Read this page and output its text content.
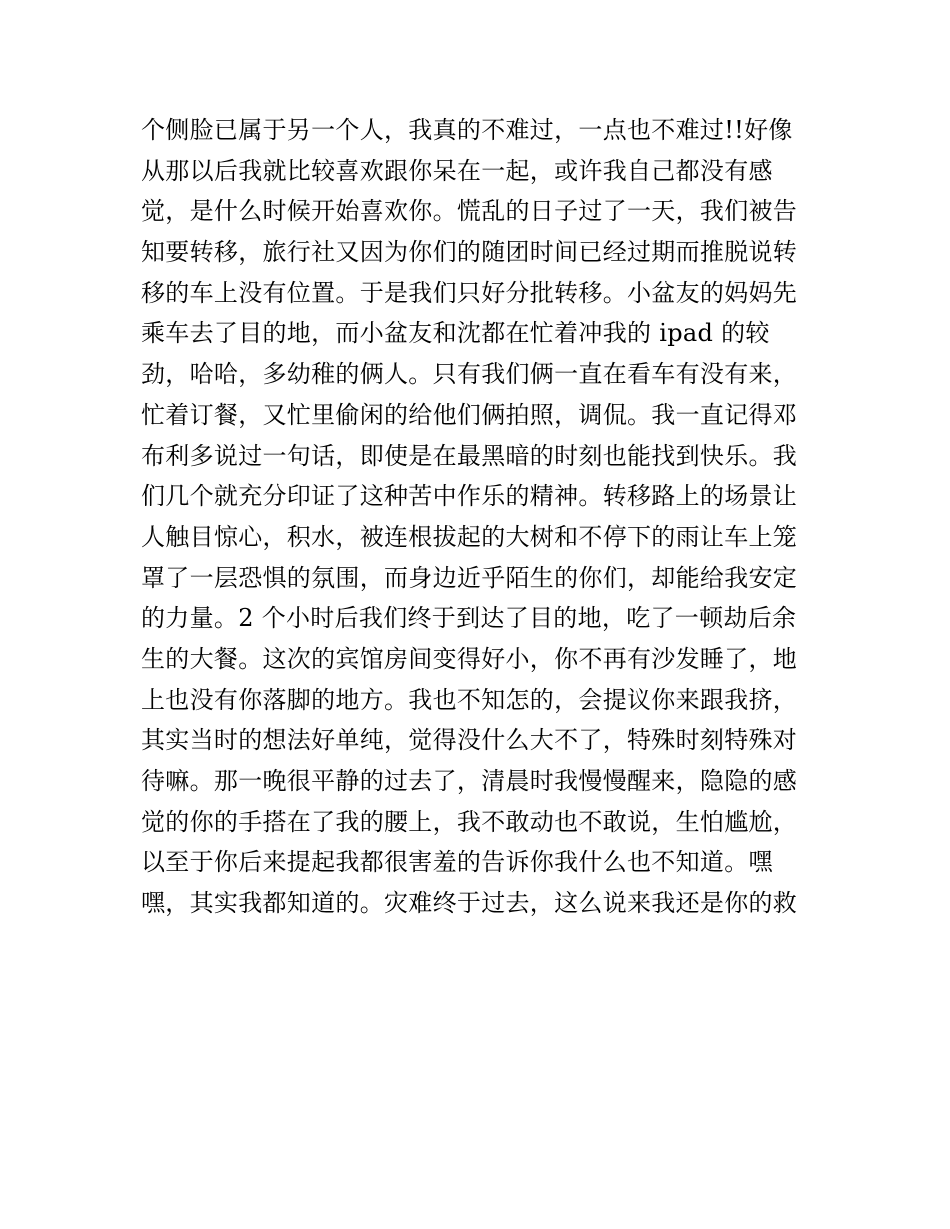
个侧脸已属于另一个人，我真的不难过，一点也不难过!!好像
从那以后我就比较喜欢跟你呆在一起，或许我自己都没有感
觉，是什么时候开始喜欢你。慌乱的日子过了一天，我们被告
知要转移，旅行社又因为你们的随团时间已经过期而推脱说转
移的车上没有位置。于是我们只好分批转移。小盆友的妈妈先
乘车去了目的地，而小盆友和沈都在忙着冲我的 ipad 的较
劲，哈哈，多幼稚的俩人。只有我们俩一直在看车有没有来，
忙着订餐，又忙里偷闲的给他们俩拍照，调侃。我一直记得邓
布利多说过一句话，即使是在最黑暗的时刻也能找到快乐。我
们几个就充分印证了这种苦中作乐的精神。转移路上的场景让
人触目惊心，积水，被连根拔起的大树和不停下的雨让车上笼
罩了一层恐惧的氛围，而身边近乎陌生的你们，却能给我安定
的力量。2 个小时后我们终于到达了目的地，吃了一顿劫后余
生的大餐。这次的宾馆房间变得好小，你不再有沙发睡了，地
上也没有你落脚的地方。我也不知怎的，会提议你来跟我挤，
其实当时的想法好单纯，觉得没什么大不了，特殊时刻特殊对
待嘛。那一晚很平静的过去了，清晨时我慢慢醒来，隐隐的感
觉的你的手搭在了我的腰上，我不敢动也不敢说，生怕尴尬，
以至于你后来提起我都很害羞的告诉你我什么也不知道。嘿
嘿，其实我都知道的。灾难终于过去，这么说来我还是你的救
